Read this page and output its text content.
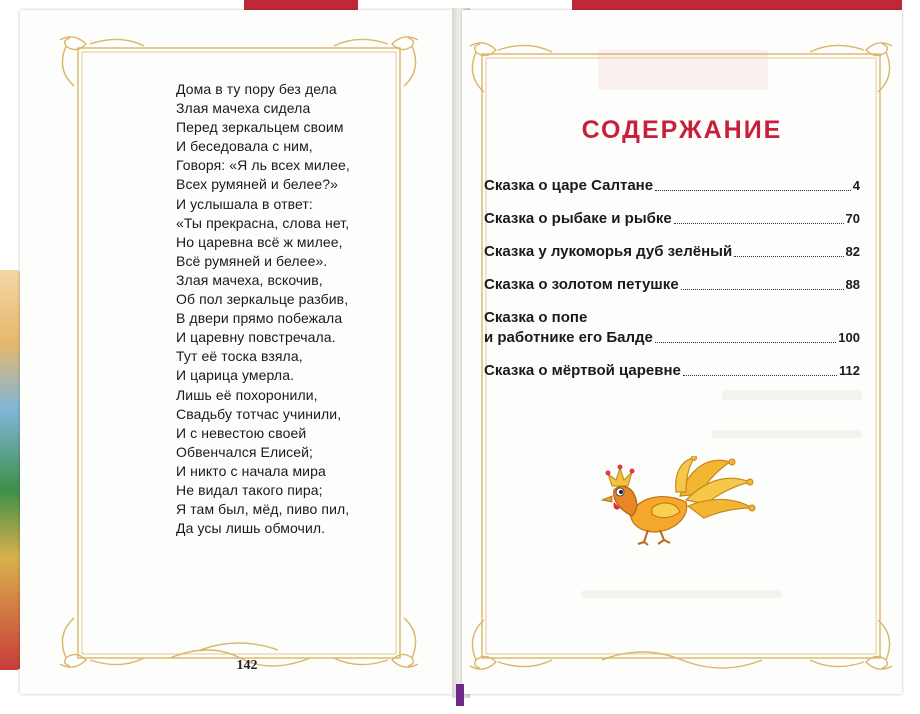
Дома в ту пору без дела
Злая мачеха сидела
Перед зеркальцем своим
И беседовала с ним,
Говоря: «Я ль всех милее,
Всех румяней и белее?»
И услышала в ответ:
«Ты прекрасна, слова нет,
Но царевна всё ж милее,
Всё румяней и белее».
Злая мачеха, вскочив,
Об пол зеркальце разбив,
В двери прямо побежала
И царевну повстречала.
Тут её тоска взяла,
И царица умерла.
Лишь её похоронили,
Свадьбу тотчас учинили,
И с невестою своей
Обвенчался Елисей;
И никто с начала мира
Не видал такого пира;
Я там был, мёд, пиво пил,
Да усы лишь обмочил.
142
СОДЕРЖАНИЕ
Сказка о царе Салтане	4
Сказка о рыбаке и рыбке	70
Сказка у лукоморья дуб зелёный	82
Сказка о золотом петушке	88
Сказка о попе
и работнике его Балде	100
Сказка о мёртвой царевне	112
